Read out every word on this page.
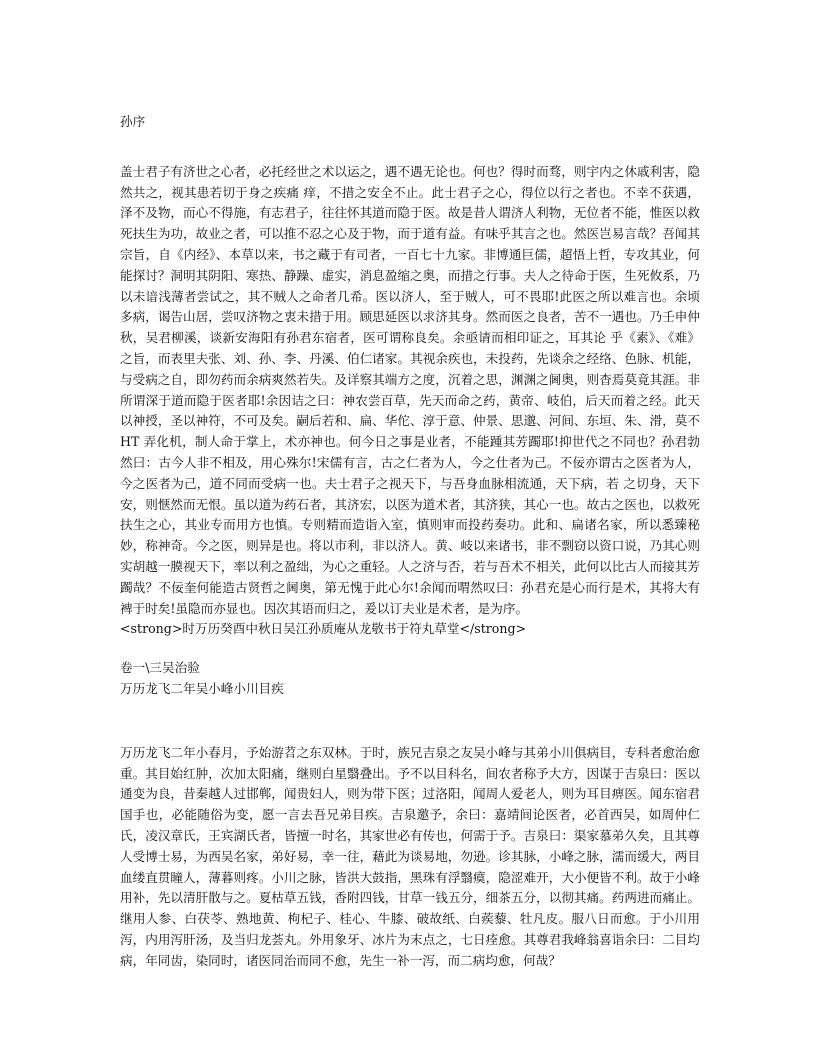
孙序

盖士君子有济世之心者，必托经世之术以运之，遇不遇无论也。何也？得时而骛，则宇内之休戚利害，隐然共之，视其患若切于身之疾痛 痒，不措之安全不止。此士君子之心，得位以行之者也。不幸不获遇，泽不及物，而心不得施，有志君子，往往怀其道而隐于医。故是昔人谓济人利物，无位者不能，惟医以救死扶生为功，故业之者，可以推不忍之心及于物，而于道有益。有味乎其言之也。然医岂易言哉？吾闻其宗旨，自《内经》、本草以来，书之藏于有司者，一百七十九家。非博通巨儒，超悟上哲，专攻其业，何能探讨？洞明其阴阳、寒热、静躁、虚实，消息盈缩之奥，而措之行事。夫人之待命于医，生死攸系，乃以未谙浅薄者尝试之，其不贼人之命者几希。医以济人，至于贼人，可不畏耶!此医之所以难言也。余顷多病，谒告山居，尝叹济物之衷未措于用。顾思延医以求济其身。然而医之良者，苦不一遇也。乃壬申仲秋，吴君柳溪，谈新安海阳有孙君东宿者，医可谓称良矣。余亟请而相印证之，耳其论 乎《素》、《难》之旨，而表里夫张、刘、孙、李、丹溪、伯仁诸家。其视余疾也，未投药，先谈余之经络、色脉、机能，与受病之自，即勿药而余病爽然若失。及详察其端方之度，沉着之思，渊渊之阃奥，则杳焉莫竟其涯。非所谓深于道而隐于医者耶!余因诘之曰：神农尝百草，先天而命之药，黄帝、岐伯，后天而着之经。此天以神授，圣以神符，不可及矣。嗣后若和、扁、华佗、淳于意、仲景、思邈、河间、东垣、朱、滑，莫不 HT 弄化机，制人命于掌上，术亦神也。何今日之事是业者，不能踵其芳躅耶!抑世代之不同也？孙君勃然曰：古今人非不相及，用心殊尔!宋儒有言，古之仁者为人，今之仕者为己。不佞亦谓古之医者为人，今之医者为己，道不同而受病一也。夫士君子之视天下，与吾身血脉相流通，天下病，若 之切身，天下安，则惬然而无恨。虽以道为药石者，其济宏，以医为道术者，其济狭，其心一也。故古之医也，以救死扶生之心，其业专而用方也慎。专则精而造诣入室，慎则审而投药奏功。此和、扁诸名家，所以悉臻秘妙，称神奇。今之医，则异是也。将以市利，非以济人。黄、岐以来诸书，非不剽窃以资口说，乃其心则实胡越一膜视天下，率以利之盈绌，为心之重轻。人之济与否，若与吾术不相关，此何以比古人而接其芳躅哉？不佞奎何能造古贤哲之阃奥，第无愧于此心尔!余闻而喟然叹曰：孙君充是心而行是术，其将大有裨于时矣!虽隐而亦显也。因次其语而归之，爰以订夫业是术者，是为序。

<strong>时万历癸酉中秋日吴江孙质庵从龙敬书于符丸草堂</strong>

卷一\三吴治验

万历龙飞二年吴小峰小川目疾

万历龙飞二年小春月，予始游苕之东双林。于时，族兄吉泉之友吴小峰与其弟小川俱病目，专科者愈治愈重。其目始红肿，次加太阳痛，继则白星翳叠出。予不以目科名，间农者称予大方，因谋于吉泉曰：医以通变为良，昔秦越人过邯郸，闻贵妇人，则为带下医；过洛阳，闻周人爱老人，则为耳目痹医。闻东宿君国手也，必能随俗为变，愿一言去吾兄弟目疾。吉泉邀予，余曰：嘉靖间论医者，必首西吴，如周仲仁氏，凌汉章氏，王宾湖氏者，皆擅一时名，其家世必有传也，何需于予。吉泉曰：渠家慕弟久矣，且其尊人受博士易，为西吴名家，弟好易，幸一往，藉此为谈易地，勿逊。诊其脉，小峰之脉，濡而缓大，两目血缕直贯瞳人，薄暮则疼。小川之脉，皆洪大鼓指，黑珠有浮翳瘼，隐涩难开，大小便皆不利。故于小峰用补，先以清肝散与之。夏枯草五钱，香附四钱，甘草一钱五分，细茶五分，以彻其痛。药两进而痛止。继用人参、白茯苓、熟地黄、枸杞子、桂心、牛膝、破故纸、白蒺藜、牡凡皮。服八日而愈。于小川用泻，内用泻肝汤，及当归龙荟丸。外用象牙、冰片为末点之，七日痊愈。其尊君我峰翁喜诣余曰：二目均病，年同齿，染同时，诸医同治而同不愈，先生一补一泻，而二病均愈，何哉？
